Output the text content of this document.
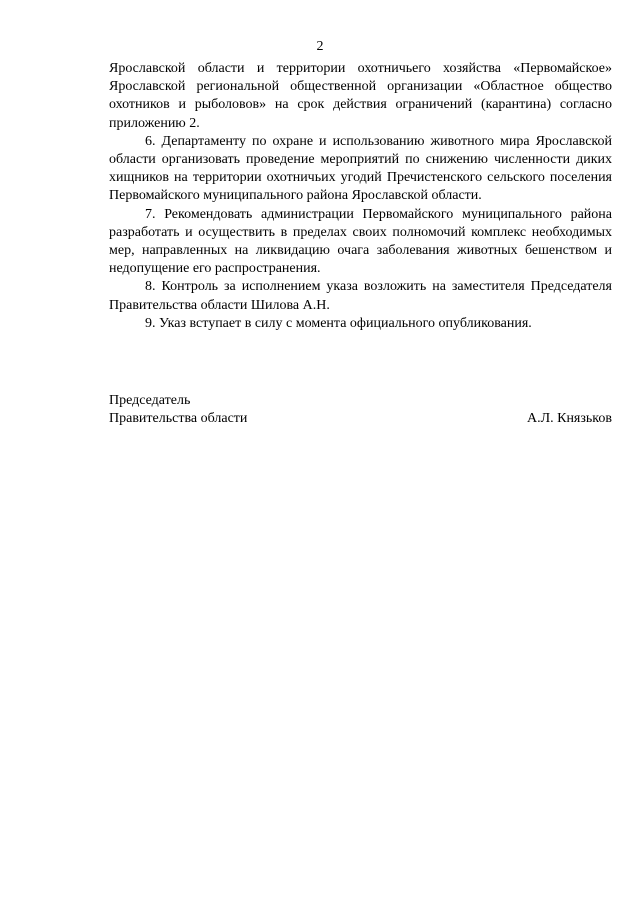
2

Ярославской области и территории охотничьего хозяйства «Первомайское» Ярославской региональной общественной организации «Областное общество охотников и рыболовов» на срок действия ограничений (карантина) согласно приложению 2.

6. Департаменту по охране и использованию животного мира Ярославской области организовать проведение мероприятий по снижению численности диких хищников на территории охотничьих угодий Пречистенского сельского поселения Первомайского муниципального района Ярославской области.

7. Рекомендовать администрации Первомайского муниципального района разработать и осуществить в пределах своих полномочий комплекс необходимых мер, направленных на ликвидацию очага заболевания животных бешенством и недопущение его распространения.

8. Контроль за исполнением указа возложить на заместителя Председателя Правительства области Шилова А.Н.

9. Указ вступает в силу с момента официального опубликования.

Председатель
Правительства области	А.Л. Князьков
